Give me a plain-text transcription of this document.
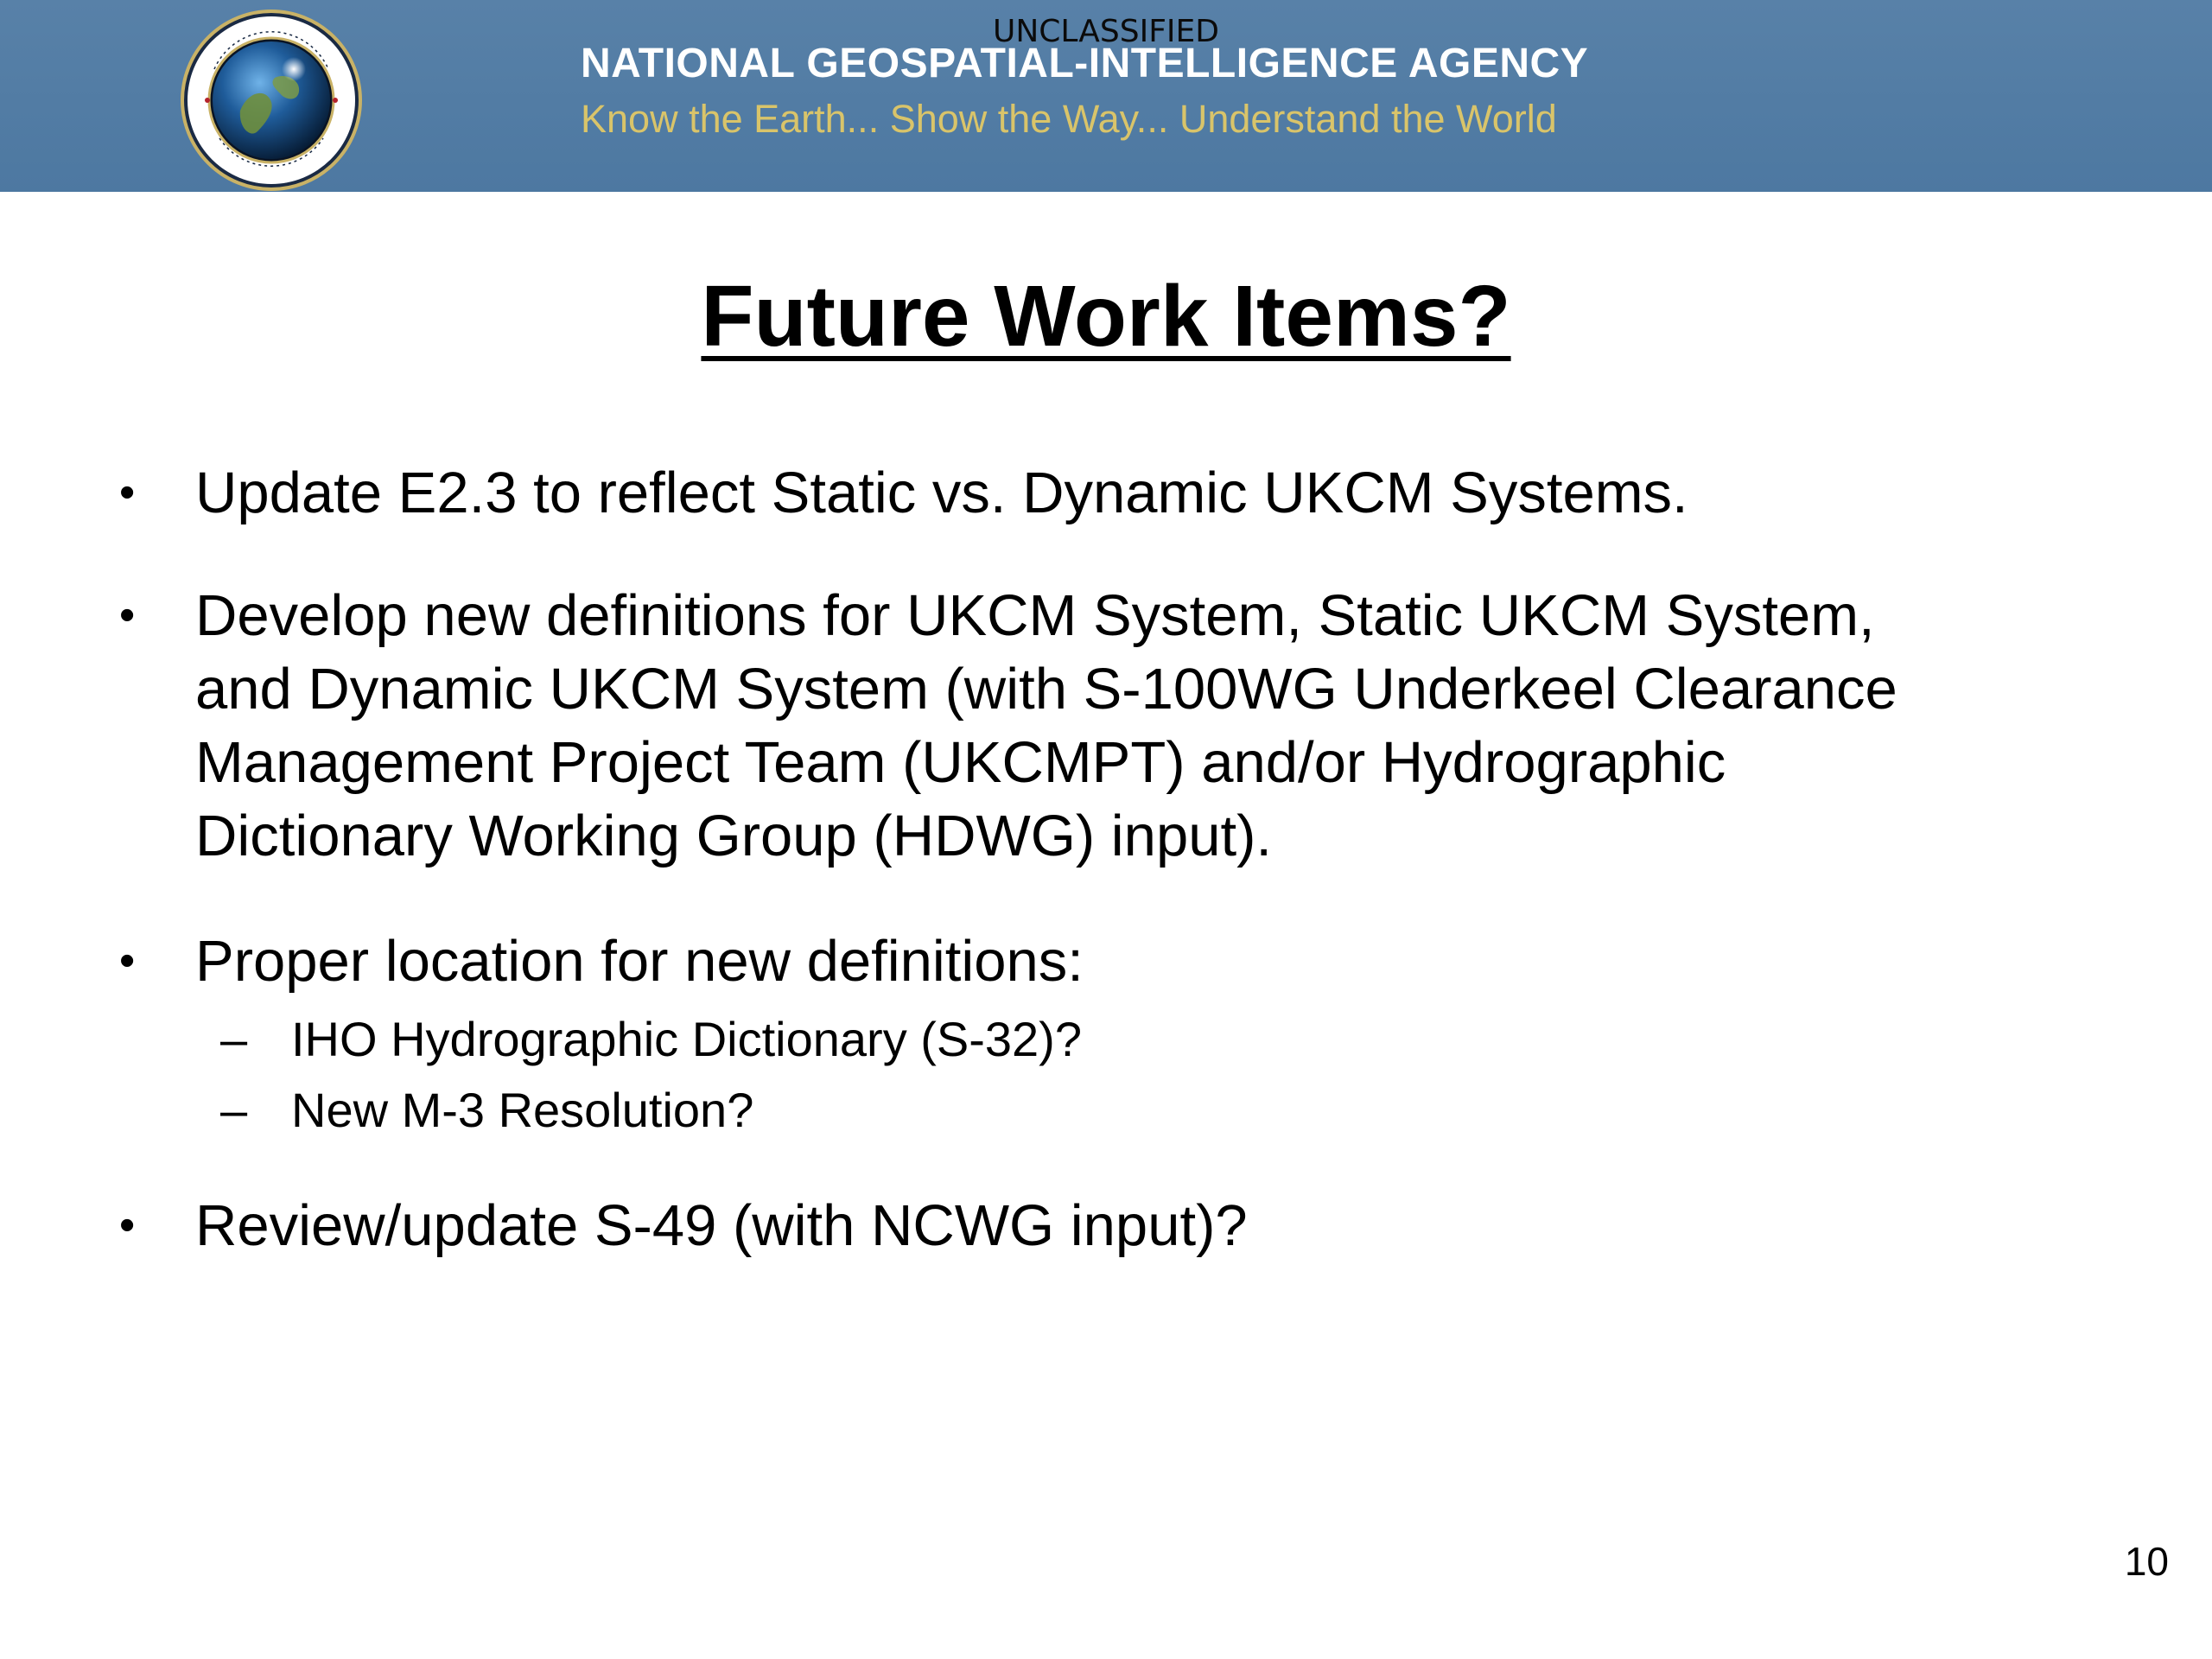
UNCLASSIFIED
NATIONAL GEOSPATIAL-INTELLIGENCE AGENCY
Know the Earth... Show the Way... Understand the World
Future Work Items?
• Update E2.3 to reflect Static vs. Dynamic UKCM Systems.
• Develop new definitions for UKCM System, Static UKCM System,
and Dynamic UKCM System (with S-100WG Underkeel Clearance
Management Project Team (UKCMPT) and/or Hydrographic
Dictionary Working Group (HDWG) input).
• Proper location for new definitions:
– IHO Hydrographic Dictionary (S-32)?
– New M-3 Resolution?
• Review/update S-49 (with NCWG input)?
10
